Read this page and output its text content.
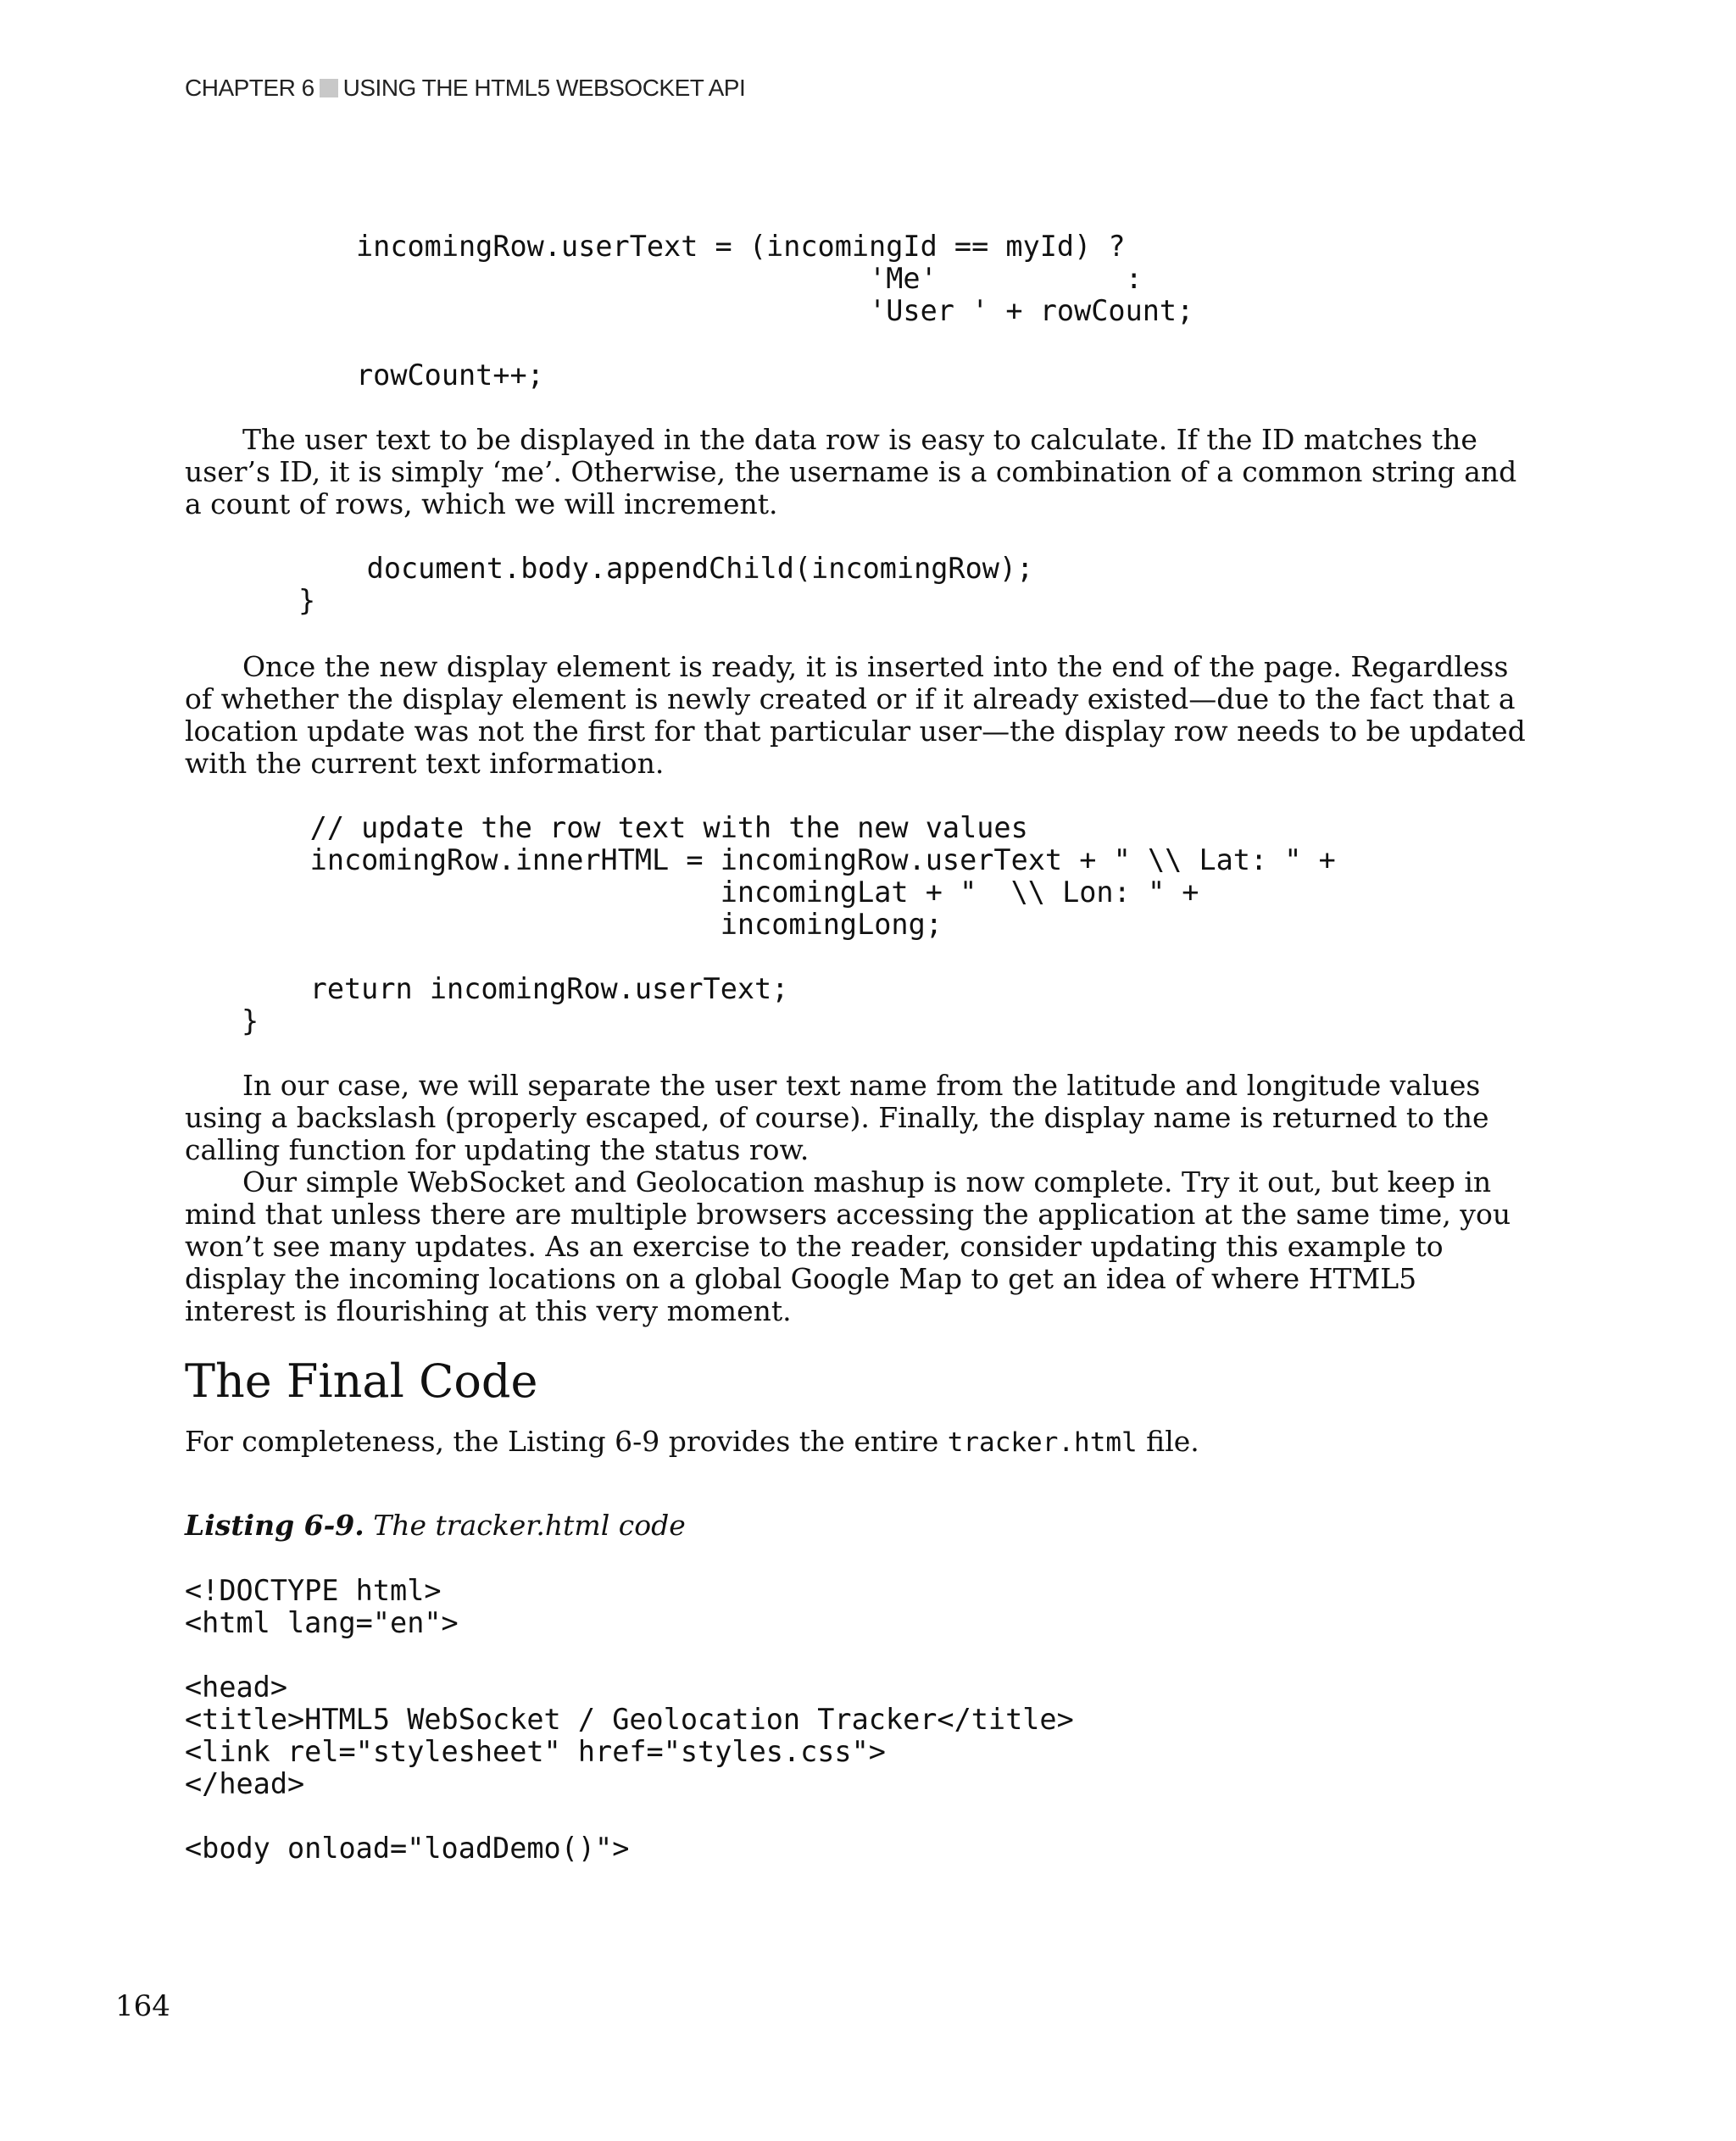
CHAPTER 6 USING THE HTML5 WEBSOCKET API
incomingRow.userText = (incomingId == myId) ?
'Me'           :
'User ' + rowCount;

rowCount++;

The user text to be displayed in the data row is easy to calculate. If the ID matches the user’s ID, it is simply ‘me’. Otherwise, the username is a combination of a common string and a count of rows, which we will increment.

document.body.appendChild(incomingRow);
}

Once the new display element is ready, it is inserted into the end of the page. Regardless of whether the display element is newly created or if it already existed—due to the fact that a location update was not the first for that particular user—the display row needs to be updated with the current text information.

// update the row text with the new values
incomingRow.innerHTML = incomingRow.userText + " \\ Lat: " +
incomingLat + "  \\ Lon: " +
incomingLong;

return incomingRow.userText;
}

In our case, we will separate the user text name from the latitude and longitude values using a backslash (properly escaped, of course). Finally, the display name is returned to the calling function for updating the status row.

Our simple WebSocket and Geolocation mashup is now complete. Try it out, but keep in mind that unless there are multiple browsers accessing the application at the same time, you won’t see many updates. As an exercise to the reader, consider updating this example to display the incoming locations on a global Google Map to get an idea of where HTML5 interest is flourishing at this very moment.

The Final Code

For completeness, the Listing 6-9 provides the entire tracker.html file.

Listing 6-9. The tracker.html code
<!DOCTYPE html>
<html lang="en">

<head>
<title>HTML5 WebSocket / Geolocation Tracker</title>
<link rel="stylesheet" href="styles.css">
</head>

<body onload="loadDemo()">
164
